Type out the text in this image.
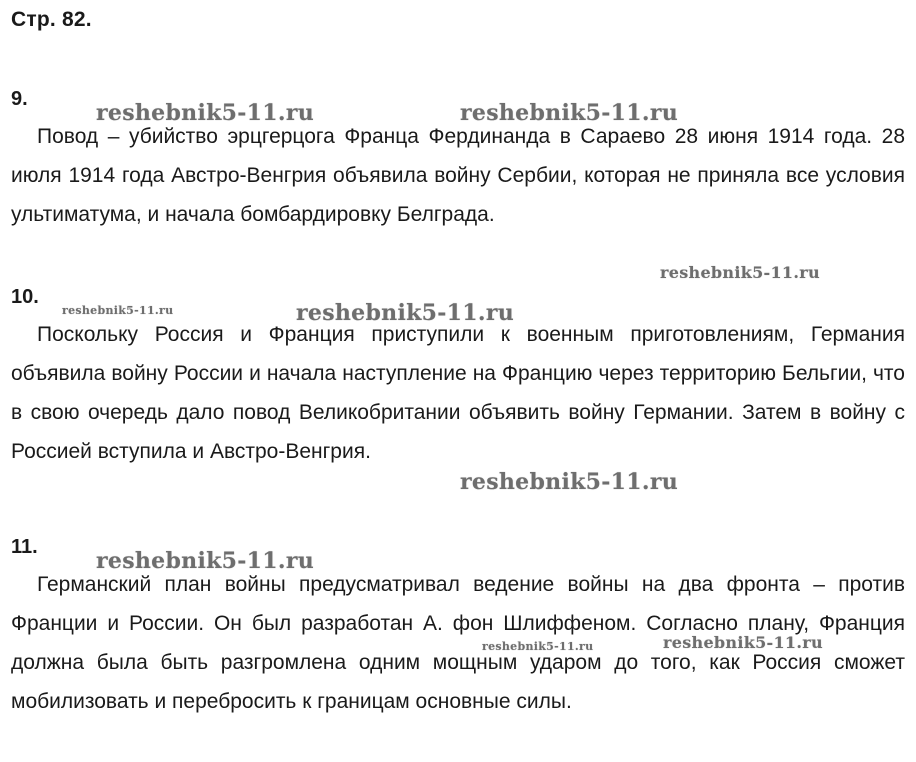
Стр. 82.
9.

Повод – убийство эрцгерцога Франца Фердинанда в Сараево 28 июня 1914 года. 28 июля 1914 года Австро-Венгрия объявила войну Сербии, которая не приняла все условия ультиматума, и начала бомбардировку Белграда.

10.

Поскольку Россия и Франция приступили к военным приготовлениям, Германия объявила войну России и начала наступление на Францию через территорию Бельгии, что в свою очередь дало повод Великобритании объявить войну Германии. Затем в войну с Россией вступила и Австро-Венгрия.

11.

Германский план войны предусматривал ведение войны на два фронта – против Франции и России. Он был разработан А. фон Шлиффеном. Согласно плану, Франция должна была быть разгромлена одним мощным ударом до того, как Россия сможет мобилизовать и перебросить к границам основные силы.

reshebnik5-11.ru	reshebnik5-11.ru
reshebnik5-11.ru
reshebnik5-11.ru	reshebnik5-11.ru
reshebnik5-11.ru
reshebnik5-11.ru
reshebnik5-11.ru
reshebnik5-11.ru
